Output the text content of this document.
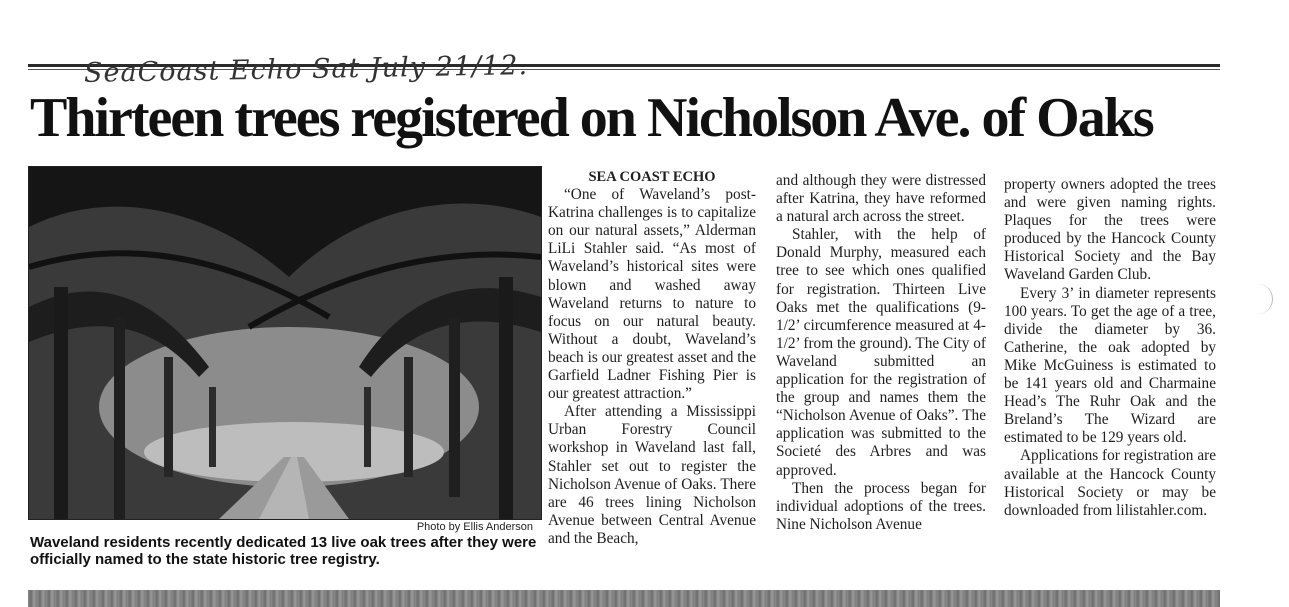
SeaCoast Echo Sat July 21/12.
Thirteen trees registered on Nicholson Ave. of Oaks
Photo by Ellis Anderson
Waveland residents recently dedicated 13 live oak trees after they were officially named to the state historic tree registry.

SEA COAST ECHO

“One of Waveland’s post-Katrina challenges is to capitalize on our natural assets,” Alderman LiLi Stahler said. “As most of Waveland’s historical sites were blown and washed away Waveland returns to nature to focus on our natural beauty. Without a doubt, Waveland’s beach is our greatest asset and the Garfield Ladner Fishing Pier is our greatest attraction.”

After attending a Mississippi Urban Forestry Council workshop in Waveland last fall, Stahler set out to register the Nicholson Avenue of Oaks. There are 46 trees lining Nicholson Avenue between Central Avenue and the Beach,

and although they were distressed after Katrina, they have reformed a natural arch across the street.

Stahler, with the help of Donald Murphy, measured each tree to see which ones qualified for registration. Thirteen Live Oaks met the qualifications (9-1/2’ circumference measured at 4-1/2’ from the ground). The City of Waveland submitted an application for the registration of the group and names them the “Nicholson Avenue of Oaks”. The application was submitted to the Societé des Arbres and was approved.

Then the process began for individual adoptions of the trees. Nine Nicholson Avenue

property owners adopted the trees and were given naming rights. Plaques for the trees were produced by the Hancock County Historical Society and the Bay Waveland Garden Club.

Every 3’ in diameter represents 100 years. To get the age of a tree, divide the diameter by 36. Catherine, the oak adopted by Mike McGuiness is estimated to be 141 years old and Charmaine Head’s The Ruhr Oak and the Breland’s The Wizard are estimated to be 129 years old.

Applications for registration are available at the Hancock County Historical Society or may be downloaded from lilistahler.com.
